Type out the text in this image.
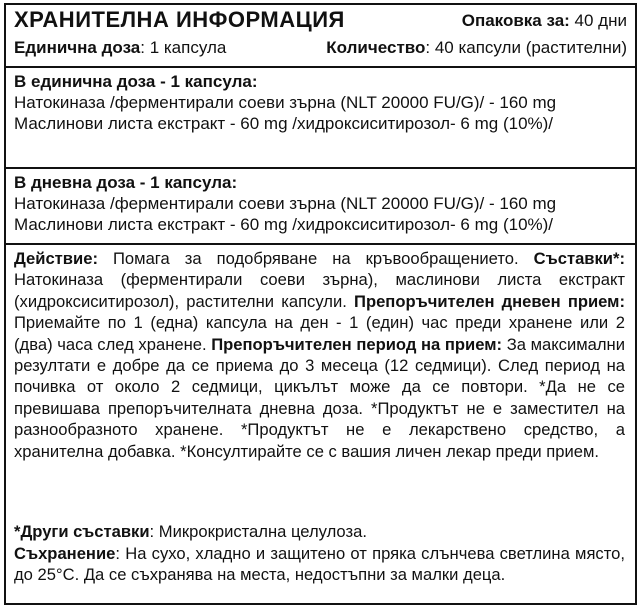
ХРАНИТЕЛНА ИНФОРМАЦИЯ	Опаковка за: 40 дни
Единична доза: 1 капсула	Количество: 40 капсули (растителни)
В единична доза - 1 капсула:
Натокиназа /ферментирали соеви зърна (NLT 20000 FU/G)/ - 160 mg
Маслинови листа екстракт - 60 mg /хидроксиситирозол- 6 mg (10%)/
В дневна доза - 1 капсула:
Натокиназа /ферментирали соеви зърна (NLT 20000 FU/G)/ - 160 mg
Маслинови листа екстракт - 60 mg /хидроксиситирозол- 6 mg (10%)/
Действие: Помага за подобряване на кръвообращението. Съставки*: Натокиназа (ферментирали соеви зърна), маслинови листа екстракт (хидроксиситирозол), растителни капсули. Препоръчителен дневен прием: Приемайте по 1 (една) капсула на ден - 1 (един) час преди хранене или 2 (два) часа след хранене. Препоръчителен период на прием: За максимални резултати е добре да се приема до 3 месеца (12 седмици). След период на почивка от около 2 седмици, цикълът може да се повтори. *Да не се превишава препоръчителната дневна доза. *Продуктът не е заместител на разнообразното хранене. *Продуктът не е лекарствено средство, а хранителна добавка. *Консултирайте се с вашия личен лекар преди прием.
*Други съставки: Микрокристална целулоза.
Съхранение: На сухо, хладно и защитено от пряка слънчева светлина място, до 25°C. Да се съхранява на места, недостъпни за малки деца.
